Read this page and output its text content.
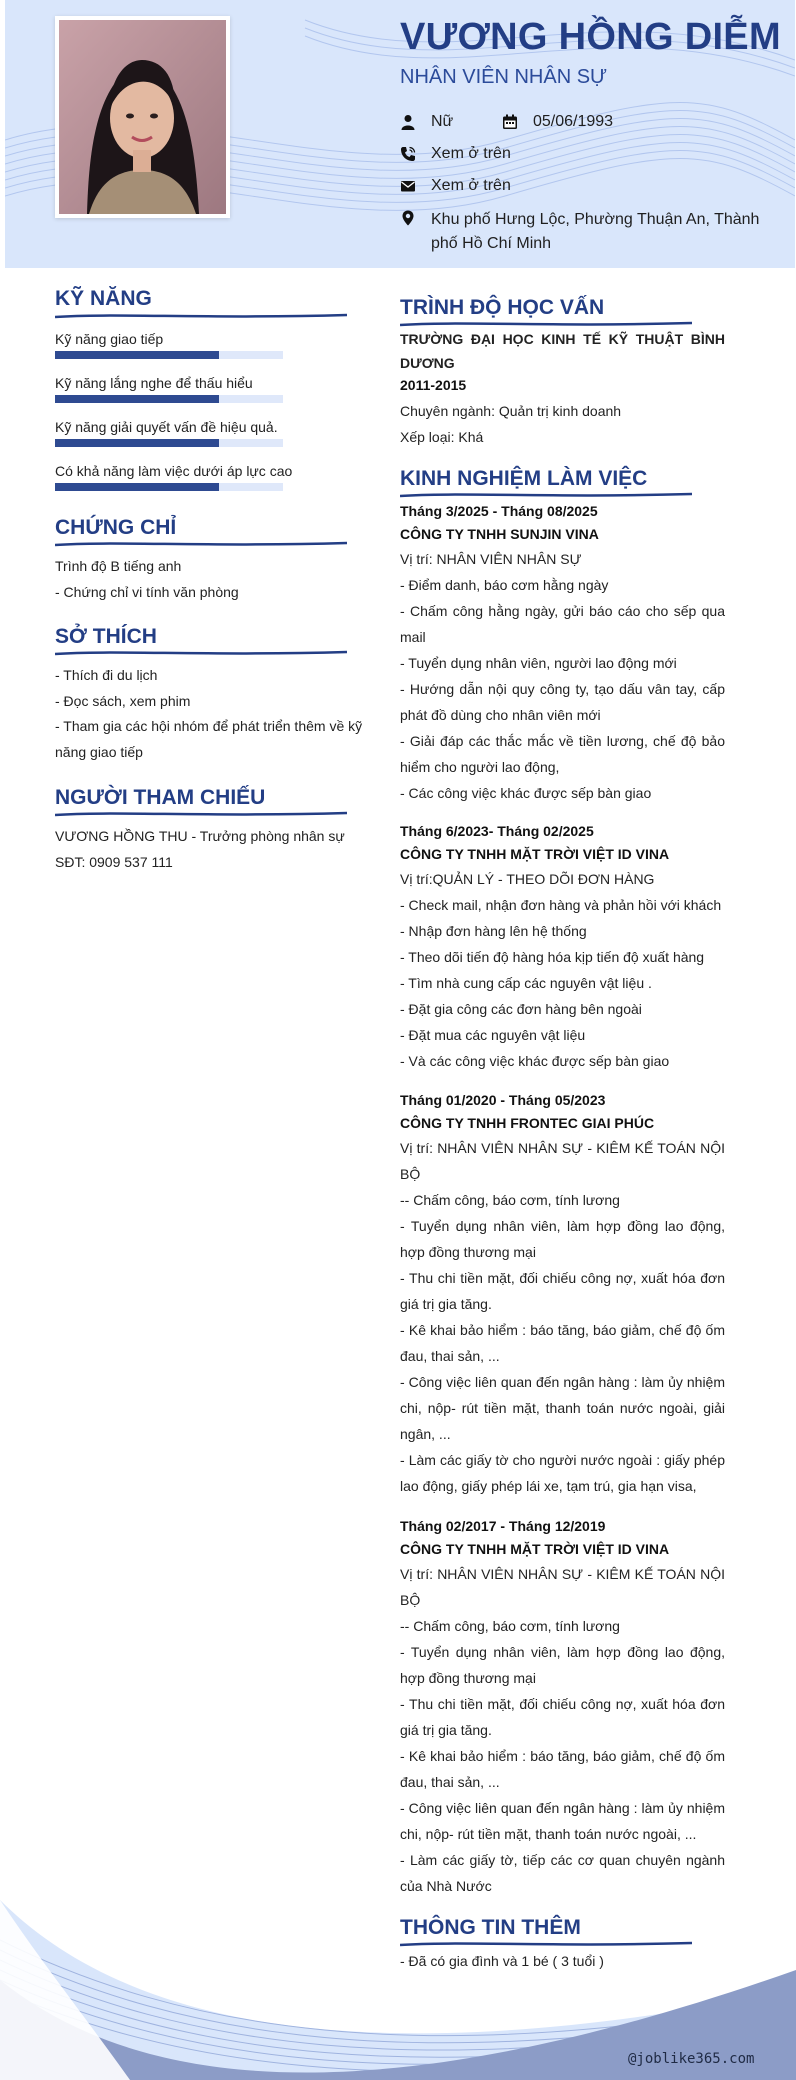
VƯƠNG HỒNG DIỄM
NHÂN VIÊN NHÂN SỰ
Nữ	05/06/1993
Xem ở trên
Xem ở trên
Khu phố Hưng Lộc, Phường Thuận An, Thành phố Hồ Chí Minh
KỸ NĂNG
Kỹ năng giao tiếp
Kỹ năng lắng nghe để thấu hiểu
Kỹ năng giải quyết vấn đề hiệu quả.
Có khả năng làm việc dưới áp lực cao
CHỨNG CHỈ
Trình độ B tiếng anh
- Chứng chỉ vi tính văn phòng
SỞ THÍCH
- Thích đi du lịch
- Đọc sách, xem phim
- Tham gia các hội nhóm để phát triển thêm về kỹ năng giao tiếp
NGƯỜI THAM CHIẾU
VƯƠNG HỒNG THU - Trưởng phòng nhân sự
SĐT: 0909 537 111
TRÌNH ĐỘ HỌC VẤN
TRƯỜNG ĐẠI HỌC KINH TẾ KỸ THUẬT BÌNH DƯƠNG
2011-2015
Chuyên ngành: Quản trị kinh doanh
Xếp loại: Khá
KINH NGHIỆM LÀM VIỆC
Tháng 3/2025 - Tháng 08/2025
CÔNG TY TNHH SUNJIN VINA
Vị trí: NHÂN VIÊN NHÂN SỰ
- Điểm danh, báo cơm hằng ngày
- Chấm công hằng ngày, gửi báo cáo cho sếp qua mail
- Tuyển dụng nhân viên, người lao động mới
- Hướng dẫn nội quy công ty, tạo dấu vân tay, cấp phát đồ dùng cho nhân viên mới
- Giải đáp các thắc mắc về tiền lương, chế độ bảo hiểm cho người lao động,
- Các công việc khác được sếp bàn giao
Tháng 6/2023- Tháng 02/2025
CÔNG TY TNHH MẶT TRỜI VIỆT ID VINA
Vị trí:QUẢN LÝ - THEO DÕI ĐƠN HÀNG
- Check mail, nhận đơn hàng và phản hồi với khách
- Nhập đơn hàng lên hệ thống
- Theo dõi tiến độ hàng hóa kịp tiến độ xuất hàng
- Tìm nhà cung cấp các nguyên vật liệu .
- Đặt gia công các đơn hàng bên ngoài
- Đặt mua các nguyên vật liệu
- Và các công việc khác được sếp bàn giao
Tháng 01/2020 - Tháng 05/2023
CÔNG TY TNHH FRONTEC GIAI PHÚC
Vị trí: NHÂN VIÊN NHÂN SỰ - KIÊM KẾ TOÁN NỘI BỘ
-- Chấm công, báo cơm, tính lương
- Tuyển dụng nhân viên, làm hợp đồng lao động, hợp đồng thương mại
- Thu chi tiền mặt, đối chiếu công nợ, xuất hóa đơn giá trị gia tăng.
- Kê khai bảo hiểm : báo tăng, báo giảm, chế độ ốm đau, thai sản, ...
- Công việc liên quan đến ngân hàng : làm ủy nhiệm chi, nộp- rút tiền mặt, thanh toán nước ngoài, giải ngân, ...
- Làm các giấy tờ cho người nước ngoài : giấy phép lao động, giấy phép lái xe, tạm trú, gia hạn visa,
Tháng 02/2017 - Tháng 12/2019
CÔNG TY TNHH MẶT TRỜI VIỆT ID VINA
Vị trí: NHÂN VIÊN NHÂN SỰ - KIÊM KẾ TOÁN NỘI BỘ
-- Chấm công, báo cơm, tính lương
- Tuyển dụng nhân viên, làm hợp đồng lao động, hợp đồng thương mại
- Thu chi tiền mặt, đối chiếu công nợ, xuất hóa đơn giá trị gia tăng.
- Kê khai bảo hiểm : báo tăng, báo giảm, chế độ ốm đau, thai sản, ...
- Công việc liên quan đến ngân hàng : làm ủy nhiệm chi, nộp- rút tiền mặt, thanh toán nước ngoài, ...
- Làm các giấy tờ, tiếp các cơ quan chuyên ngành của Nhà Nước
THÔNG TIN THÊM
- Đã có gia đình và 1 bé ( 3 tuổi )
@joblike365.com
